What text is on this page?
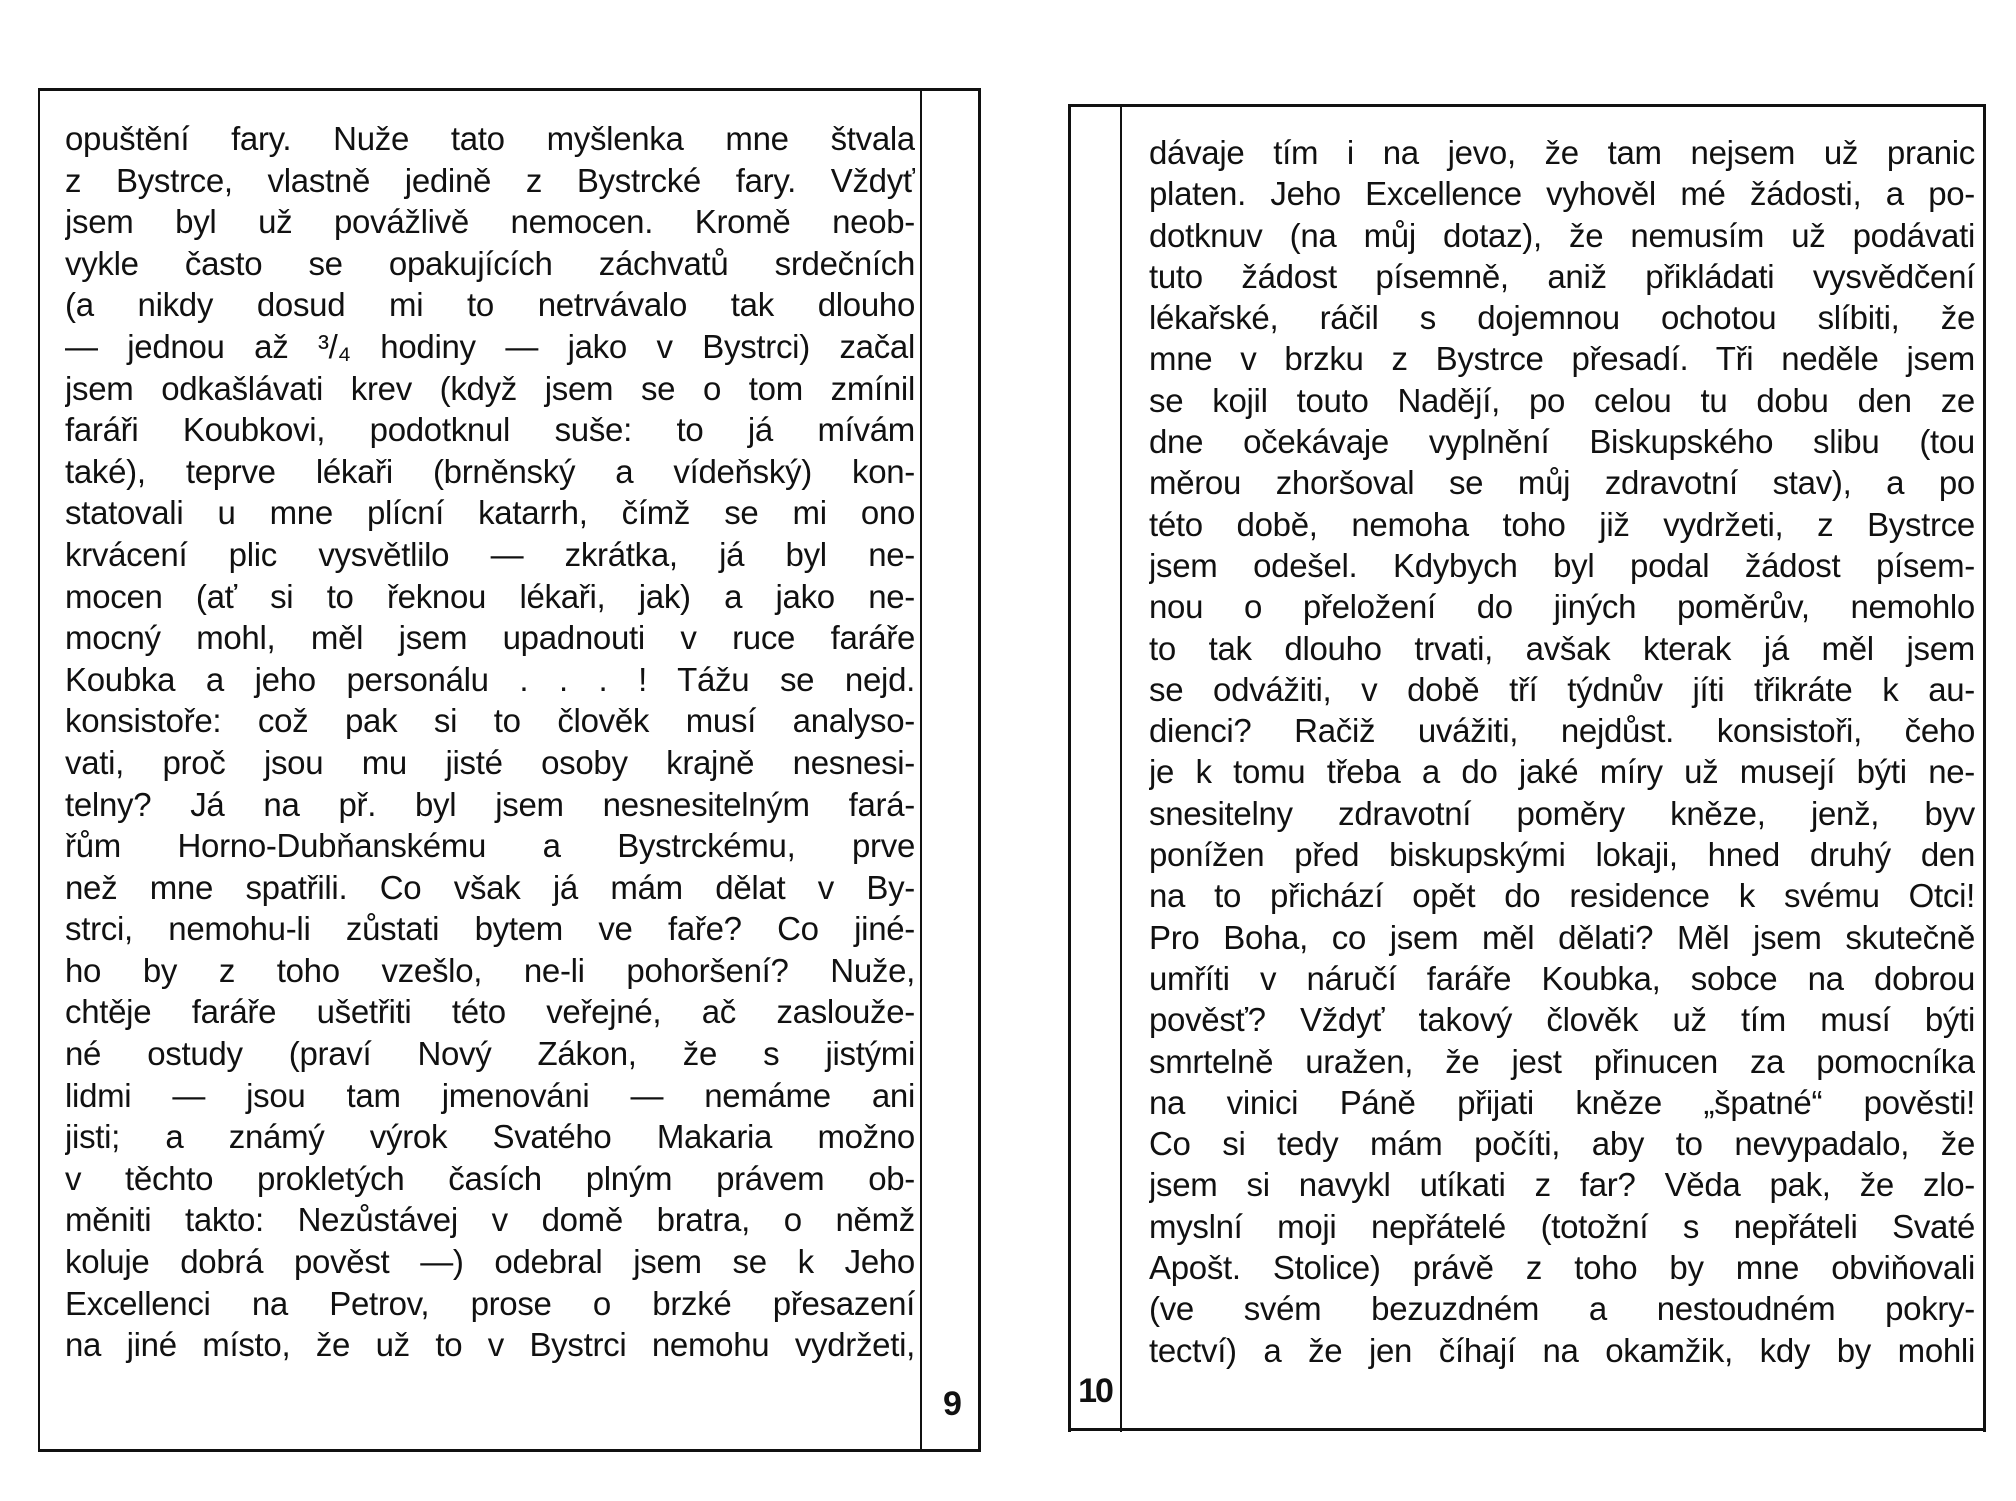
opuštění fary. Nuže tato myšlenka mne štvala
z Bystrce, vlastně jedině z Bystrcké fary. Vždyť
jsem byl už povážlivě nemocen. Kromě neob-
vykle často se opakujících záchvatů srdečních
(a nikdy dosud mi to netrvávalo tak dlouho
— jednou až ³/₄ hodiny — jako v Bystrci) začal
jsem odkašlávati krev (když jsem se o tom zmínil
faráři Koubkovi, podotknul suše: to já mívám
také), teprve lékaři (brněnský a vídeňský) kon-
statovali u mne plícní katarrh, čímž se mi ono
krvácení plic vysvětlilo — zkrátka, já byl ne-
mocen (ať si to řeknou lékaři, jak) a jako ne-
mocný mohl, měl jsem upadnouti v ruce faráře
Koubka a jeho personálu . . . ! Tážu se nejd.
konsistoře: což pak si to člověk musí analyso-
vati, proč jsou mu jisté osoby krajně nesnesi-
telny? Já na př. byl jsem nesnesitelným fará-
řům Horno-Dubňanskému a Bystrckému, prve
než mne spatřili. Co však já mám dělat v By-
strci, nemohu-li zůstati bytem ve faře? Co jiné-
ho by z toho vzešlo, ne-li pohoršení? Nuže,
chtěje faráře ušetřiti této veřejné, ač zasloužе-
né ostudy (praví Nový Zákon, že s jistými
lidmi — jsou tam jmenováni — nemáme ani
jisti; a známý výrok Svatého Makaria možno
v těchto prokletých časích plným právem ob-
měniti takto: Nezůstávej v domě bratra, o němž
koluje dobrá pověst —) odebral jsem se k Jeho
Excellenci na Petrov, prose o brzké přesazení
na jiné místo, že už to v Bystrci nemohu vydržeti,
9	10
dávaje tím i na jevo, že tam nejsem už pranic
platen. Jeho Excellence vyhověl mé žádosti, a po-
dotknuv (na můj dotaz), že nemusím už podávati
tuto žádost písemně, aniž přikládati vysvědčení
lékařské, ráčil s dojemnou ochotou slíbiti, že
mne v brzku z Bystrce přesadí. Tři neděle jsem
se kojil touto Nadějí, po celou tu dobu den ze
dne očekávaje vyplnění Biskupského slibu (tou
měrou zhoršoval se můj zdravotní stav), a po
této době, nemoha toho již vydržeti, z Bystrce
jsem odešel. Kdybych byl podal žádost písem-
nou o přeložení do jiných poměrův, nemohlo
to tak dlouho trvati, avšak kterak já měl jsem
se odvážiti, v době tří týdnův jíti třikráte k au-
dienci? Račiž uvážiti, nejdůst. konsistoři, čeho
je k tomu třeba a do jaké míry už musejí býti ne-
snesitelny zdravotní poměry kněze, jenž, byv
ponížen před biskupskými lokaji, hned druhý den
na to přichází opět do residence k svému Otci!
Pro Boha, co jsem měl dělati? Měl jsem skutečně
umříti v náručí faráře Koubka, sobce na dobrou
pověsť? Vždyť takový člověk už tím musí býti
smrtelně uražen, že jest přinucen za pomocníka
na vinici Páně přijati kněze „špatné“ pověsti!
Co si tedy mám počíti, aby to nevypadalo, že
jsem si navykl utíkati z far? Věda pak, že zlo-
myslní moji nepřátelé (totožní s nepřáteli Svaté
Apošt. Stolice) právě z toho by mne obviňovali
(ve svém bezuzdném a nestoudném pokry-
tectví) a že jen číhají na okamžik, kdy by mohli
